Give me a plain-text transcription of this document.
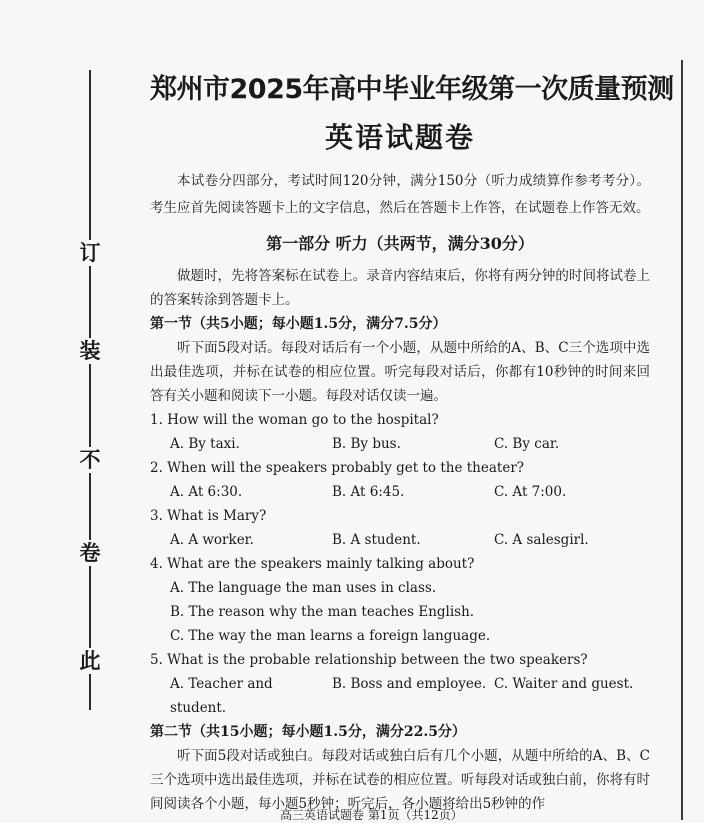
订
装
不
卷
此
郑州市2025年高中毕业年级第一次质量预测
英语试题卷

本试卷分四部分，考试时间120分钟，满分150分（听力成绩算作参考考分）。考生应首先阅读答题卡上的文字信息，然后在答题卡上作答，在试题卷上作答无效。

第一部分 听力（共两节，满分30分）

做题时，先将答案标在试卷上。录音内容结束后，你将有两分钟的时间将试卷上的答案转涂到答题卡上。

第一节（共5小题；每小题1.5分，满分7.5分）

听下面5段对话。每段对话后有一个小题，从题中所给的A、B、C三个选项中选出最佳选项，并标在试卷的相应位置。听完每段对话后，你都有10秒钟的时间来回答有关小题和阅读下一小题。每段对话仅读一遍。

1. How will the woman go to the hospital?

A. By taxi.	B. By bus.	C. By car.

2. When will the speakers probably get to the theater?

A. At 6:30.	B. At 6:45.	C. At 7:00.

3. What is Mary?

A. A worker.	B. A student.	C. A salesgirl.

4. What are the speakers mainly talking about?

A. The language the man uses in class.

B. The reason why the man teaches English.

C. The way the man learns a foreign language.

5. What is the probable relationship between the two speakers?

A. Teacher and student.
B. Boss and employee. C. Waiter and guest.
第二节（共15小题；每小题1.5分，满分22.5分）

听下面5段对话或独白。每段对话或独白后有几个小题，从题中所给的A、B、C三个选项中选出最佳选项，并标在试卷的相应位置。听每段对话或独白前，你将有时间阅读各个小题，每小题5秒钟；听完后，各小题将给出5秒钟的作

高三英语试题卷 第1页（共12页）
